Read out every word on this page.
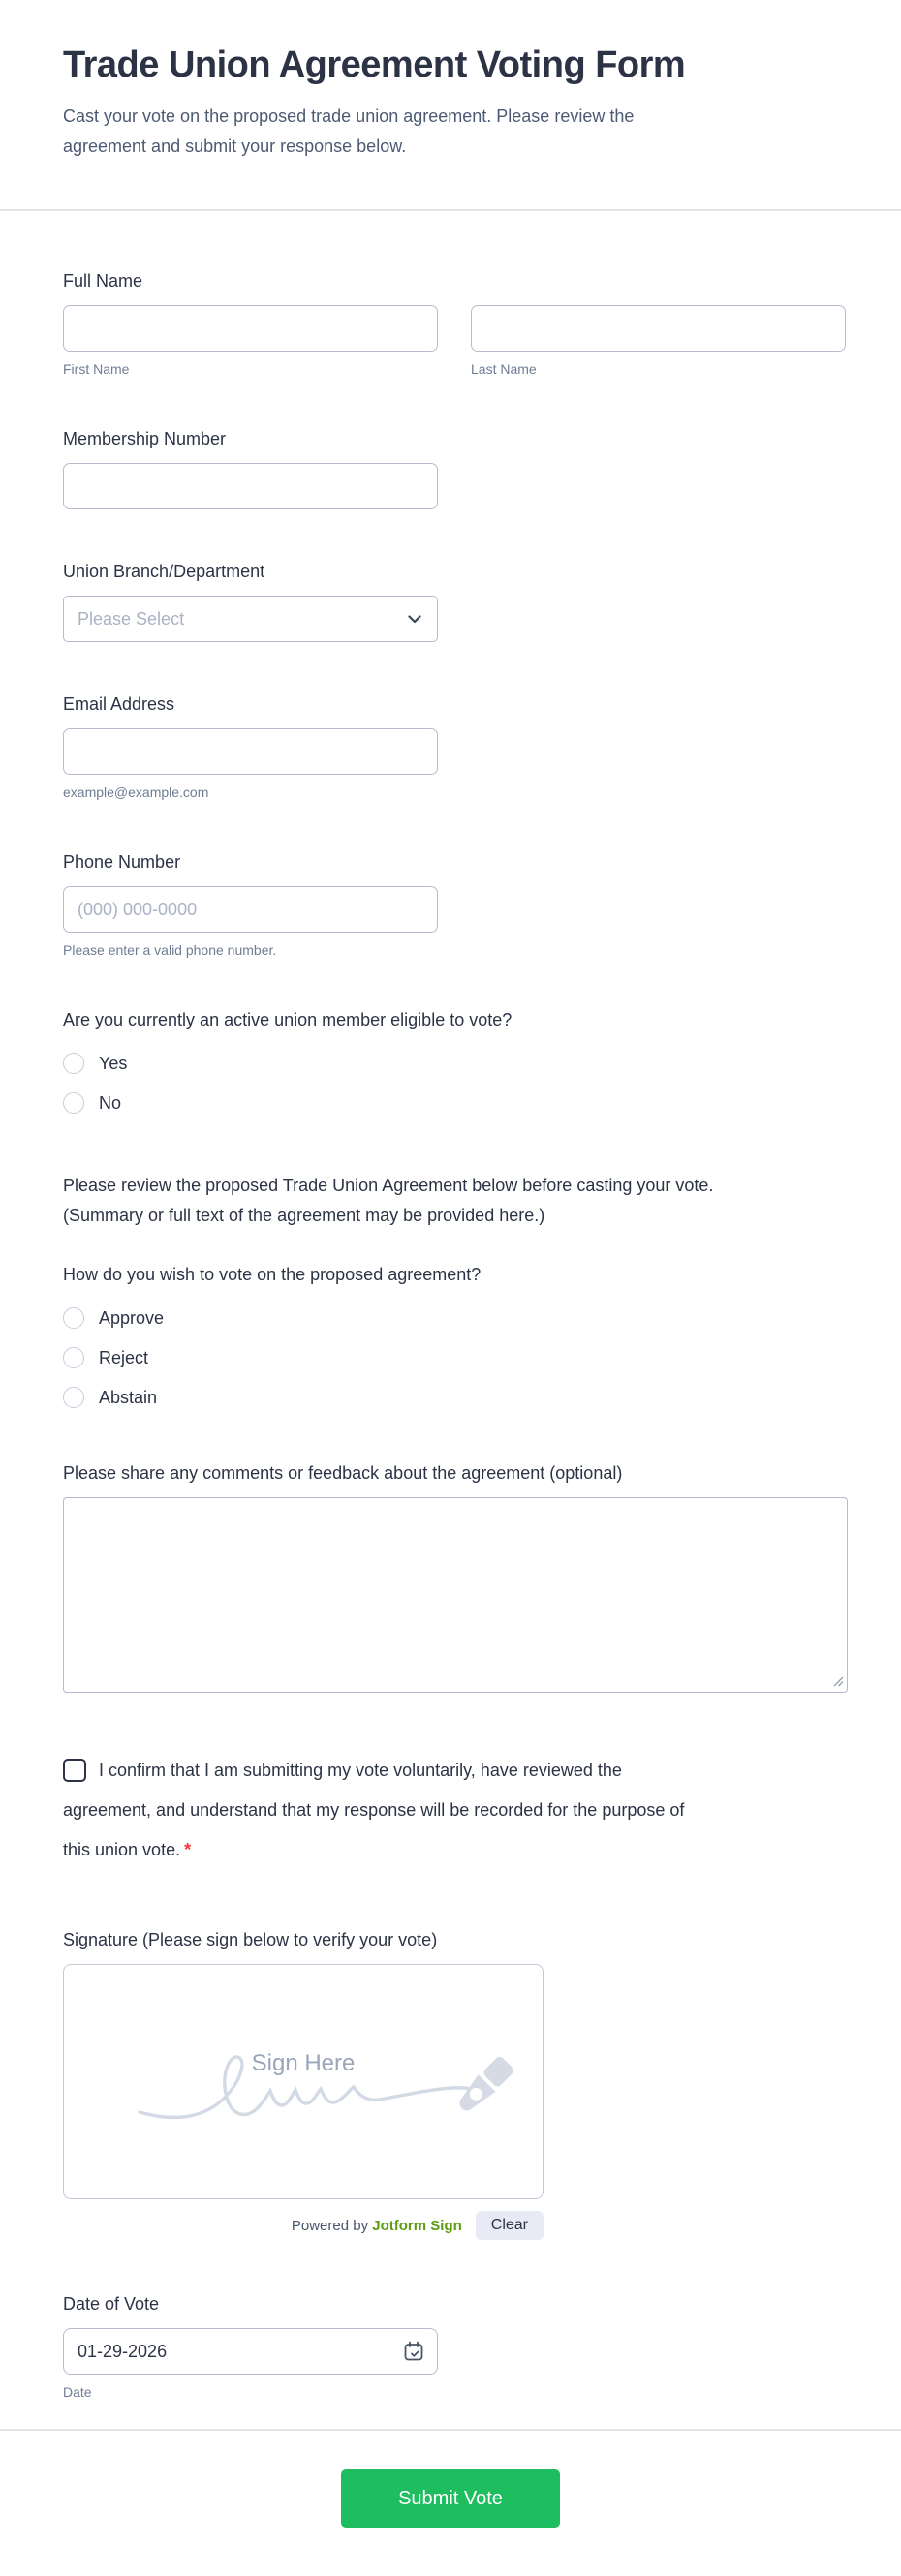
Trade Union Agreement Voting Form

Cast your vote on the proposed trade union agreement. Please review the agreement and submit your response below.

Full Name
First Name	Last Name
Membership Number
Union Branch/Department
Please Select
Email Address
example@example.com
Phone Number
(000) 000-0000
Please enter a valid phone number.
Are you currently an active union member eligible to vote?
Yes
No

Please review the proposed Trade Union Agreement below before casting your vote. (Summary or full text of the agreement may be provided here.)

How do you wish to vote on the proposed agreement?
Approve
Reject
Abstain
Please share any comments or feedback about the agreement (optional)
I confirm that I am submitting my vote voluntarily, have reviewed the agreement, and understand that my response will be recorded for the purpose of this union vote. *
Signature (Please sign below to verify your vote)
Sign Here
Powered by Jotform Sign	Clear
Date of Vote
01-29-2026
Date
Submit Vote
